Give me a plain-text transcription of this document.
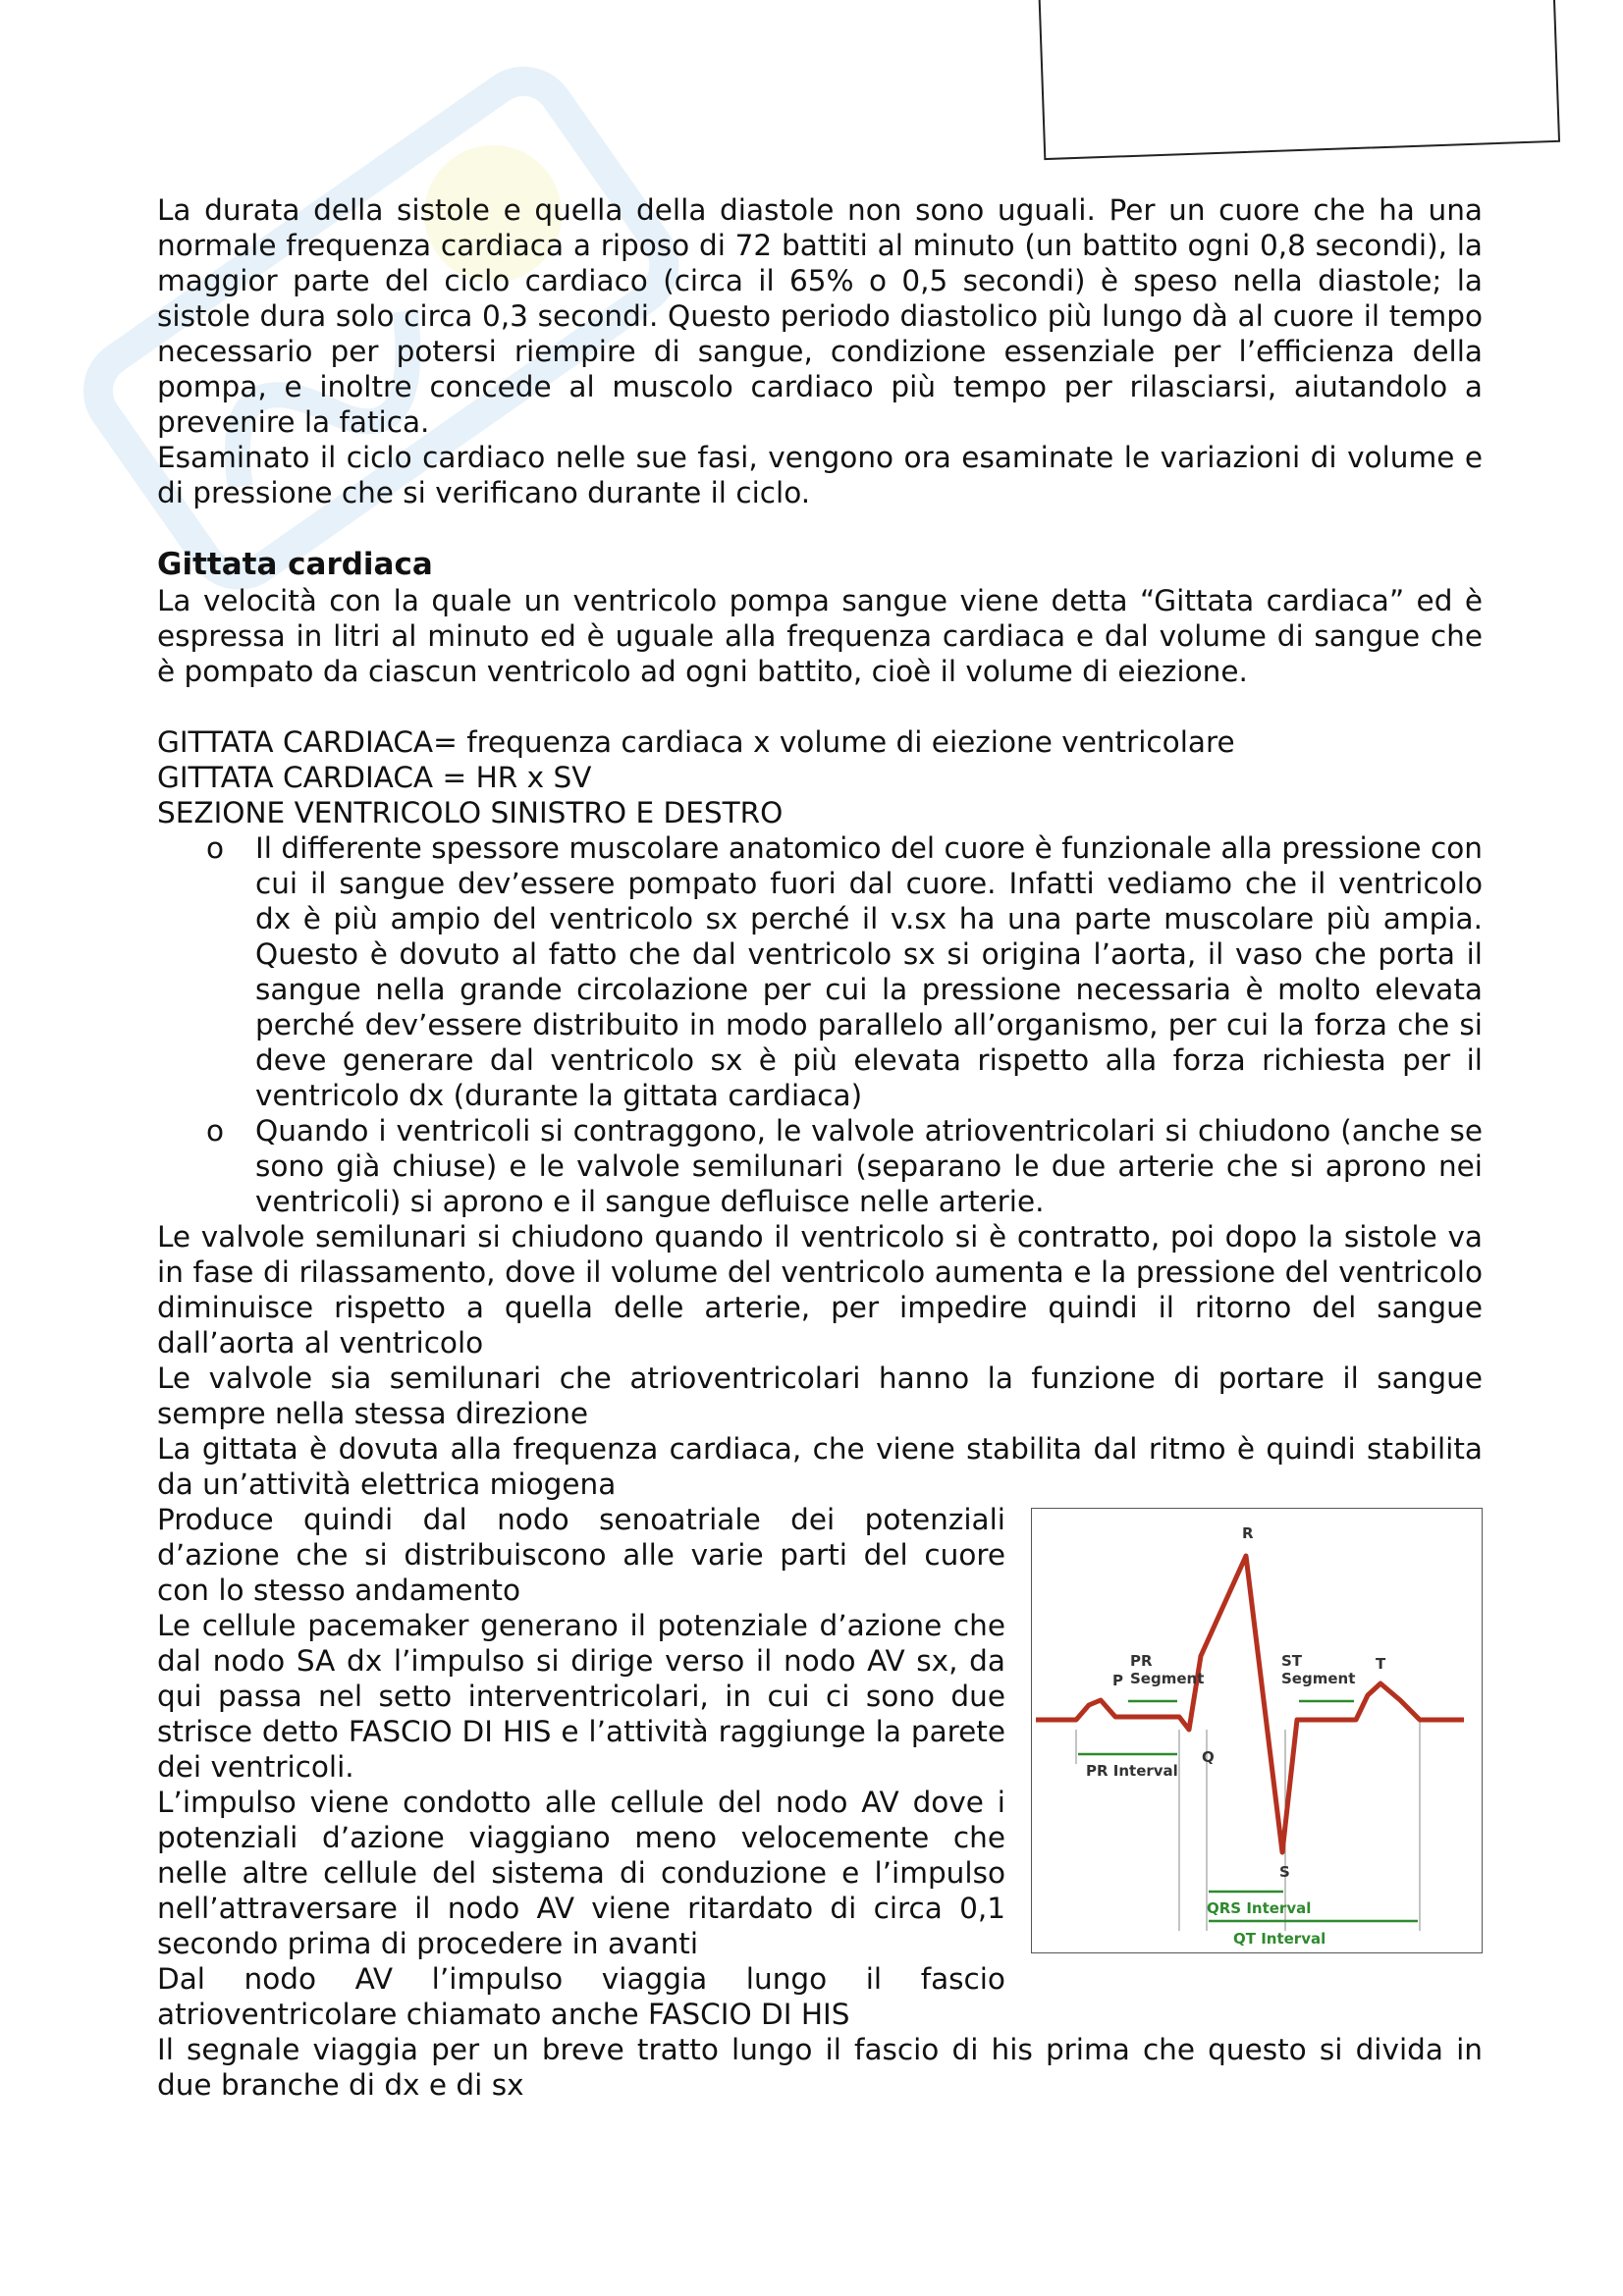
La durata della sistole e quella della diastole non sono uguali. Per un cuore che ha una normale frequenza cardiaca a riposo di 72 battiti al minuto (un battito ogni 0,8 secondi), la maggior parte del ciclo cardiaco (circa il 65% o 0,5 secondi) è speso nella diastole; la sistole dura solo circa 0,3 secondi. Questo periodo diastolico più lungo dà al cuore il tempo necessario per potersi riempire di sangue, condizione essenziale per l’efficienza della pompa, e inoltre concede al muscolo cardiaco più tempo per rilasciarsi, aiutandolo a prevenire la fatica.

Esaminato il ciclo cardiaco nelle sue fasi, vengono ora esaminate le variazioni di volume e di pressione che si verificano durante il ciclo.

Gittata cardiaca

La velocità con la quale un ventricolo pompa sangue viene detta “Gittata cardiaca” ed è espressa in litri al minuto ed è uguale alla frequenza cardiaca e dal volume di sangue che è pompato da ciascun ventricolo ad ogni battito, cioè il volume di eiezione.

GITTATA CARDIACA= frequenza cardiaca x volume di eiezione ventricolare

GITTATA CARDIACA = HR x SV

SEZIONE VENTRICOLO SINISTRO E DESTRO

o Il differente spessore muscolare anatomico del cuore è funzionale alla pressione con cui il sangue dev’essere pompato fuori dal cuore. Infatti vediamo che il ventricolo dx è più ampio del ventricolo sx perché il v.sx ha una parte muscolare più ampia. Questo è dovuto al fatto che dal ventricolo sx si origina l’aorta, il vaso che porta il sangue nella grande circolazione per cui la pressione necessaria è molto elevata perché dev’essere distribuito in modo parallelo all’organismo, per cui la forza che si deve generare dal ventricolo sx è più elevata rispetto alla forza richiesta per il ventricolo dx (durante la gittata cardiaca)
o Quando i ventricoli si contraggono, le valvole atrioventricolari si chiudono (anche se sono già chiuse) e le valvole semilunari (separano le due arterie che si aprono nei ventricoli) si aprono e il sangue defluisce nelle arterie.

Le valvole semilunari si chiudono quando il ventricolo si è contratto, poi dopo la sistole va in fase di rilassamento, dove il volume del ventricolo aumenta e la pressione del ventricolo diminuisce rispetto a quella delle arterie, per impedire quindi il ritorno del sangue dall’aorta al ventricolo

Le valvole sia semilunari che atrioventricolari hanno la funzione di portare il sangue sempre nella stessa direzione

La gittata è dovuta alla frequenza cardiaca, che viene stabilita dal ritmo è quindi stabilita da un’attività elettrica miogena

R
P
Q
S
T
PR
Segment
ST
Segment
PR Interval
QRS Interval
QT Interval

Produce quindi dal nodo senoatriale dei potenziali d’azione che si distribuiscono alle varie parti del cuore con lo stesso andamento

Le cellule pacemaker generano il potenziale d’azione che dal nodo SA dx l’impulso si dirige verso il nodo AV sx, da qui passa nel setto interventricolari, in cui ci sono due strisce detto FASCIO DI HIS e l’attività raggiunge la parete dei ventricoli.

L’impulso viene condotto alle cellule del nodo AV dove i potenziali d’azione viaggiano meno velocemente che nelle altre cellule del sistema di conduzione e l’impulso nell’attraversare il nodo AV viene ritardato di circa 0,1 secondo prima di procedere in avanti

Dal nodo AV l’impulso viaggia lungo il fascio atrioventricolare chiamato anche FASCIO DI HIS

Il segnale viaggia per un breve tratto lungo il fascio di his prima che questo si divida in due branche di dx e di sx
